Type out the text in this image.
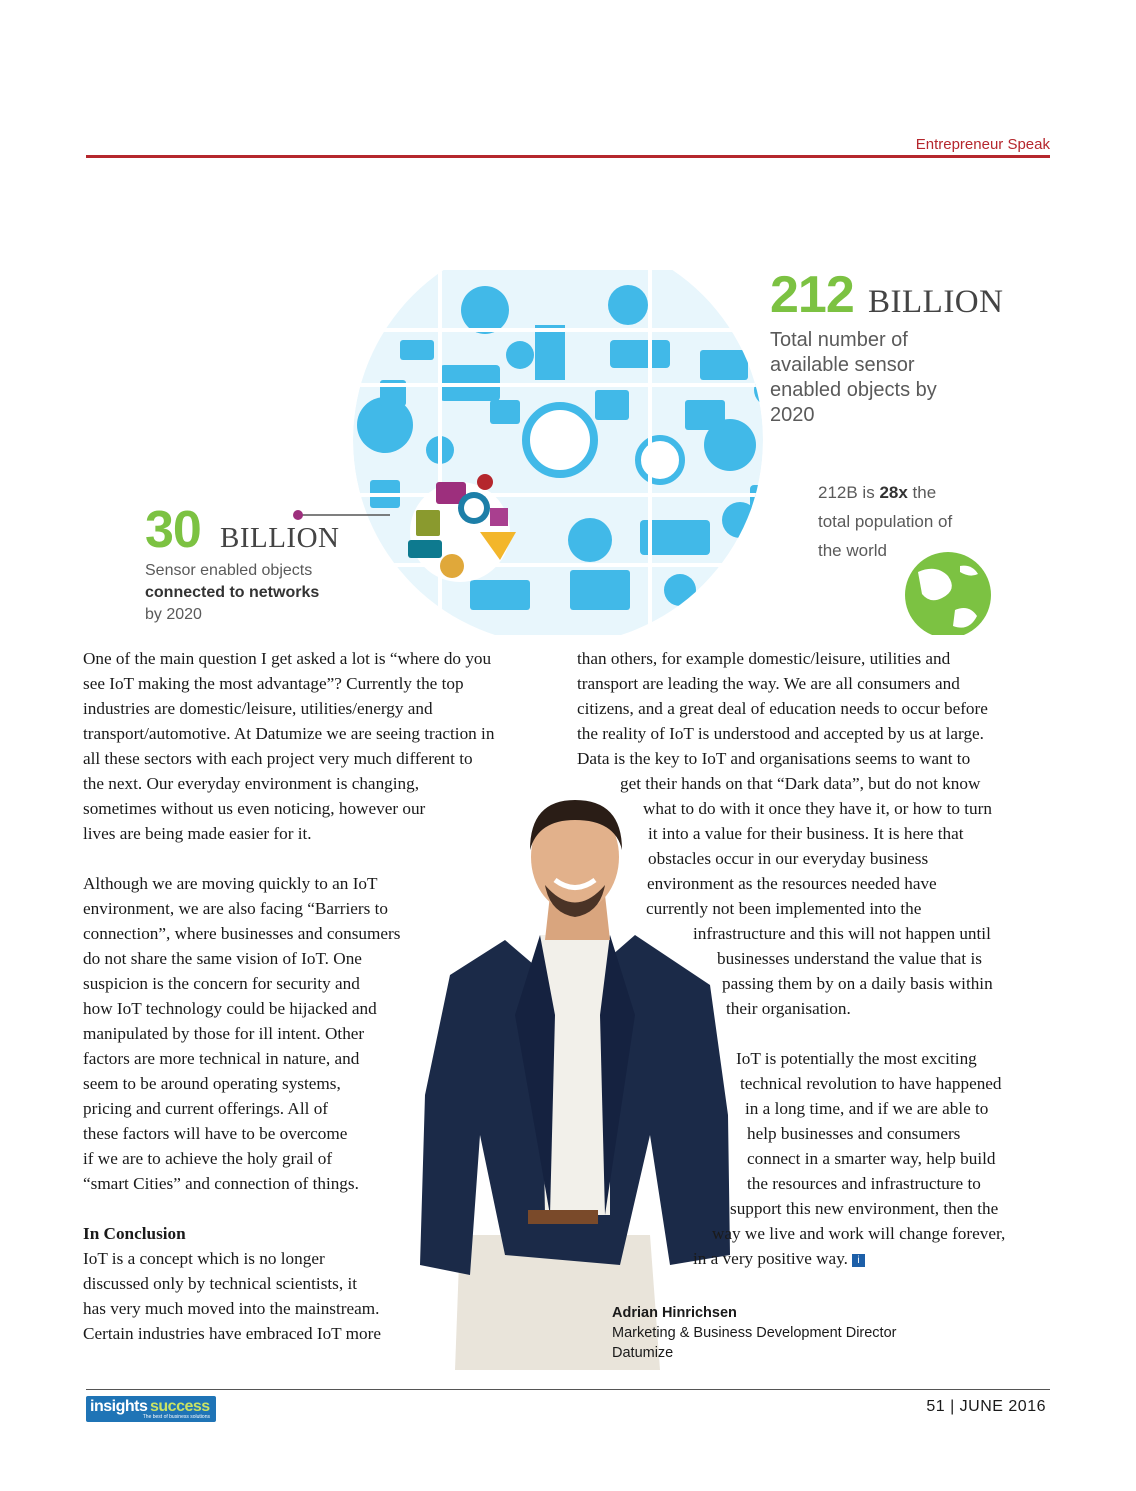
Entrepreneur Speak
212 BILLION
Total number of
available sensor
enabled objects by
2020
212B is 28x the
total population of
the world
30 BILLION
Sensor enabled objects
connected to networks
by 2020
One of the main question I get asked a lot is “where do you
see IoT making the most advantage”? Currently the top
industries are domestic/leisure, utilities/energy and
transport/automotive. At Datumize we are seeing traction in
all these sectors with each project very much different to
the next. Our everyday environment is changing,
sometimes without us even noticing, however our
lives are being made easier for it.
Although we are moving quickly to an IoT
environment, we are also facing “Barriers to
connection”, where businesses and consumers
do not share the same vision of IoT. One
suspicion is the concern for security and
how IoT technology could be hijacked and
manipulated by those for ill intent. Other
factors are more technical in nature, and
seem to be around operating systems,
pricing and current offerings. All of
these factors will have to be overcome
if we are to achieve the holy grail of
“smart Cities” and connection of things.
In Conclusion
IoT is a concept which is no longer
discussed only by technical scientists, it
has very much moved into the mainstream.
Certain industries have embraced IoT more
than others, for example domestic/leisure, utilities and
transport are leading the way. We are all consumers and
citizens, and a great deal of education needs to occur before
the reality of IoT is understood and accepted by us at large.
Data is the key to IoT and organisations seems to want to
get their hands on that “Dark data”, but do not know
what to do with it once they have it, or how to turn
it into a value for their business. It is here that
obstacles occur in our everyday business
environment as the resources needed have
currently not been implemented into the
infrastructure and this will not happen until
businesses understand the value that is
passing them by on a daily basis within
their organisation.
IoT is potentially the most exciting
technical revolution to have happened
in a long time, and if we are able to
help businesses and consumers
connect in a smarter way, help build
the resources and infrastructure to
support this new environment, then the
way we live and work will change forever,
in a very positive way. i
Adrian Hinrichsen
Marketing & Business Development Director
Datumize
insights success
The best of business solutions
51 | JUNE 2016
